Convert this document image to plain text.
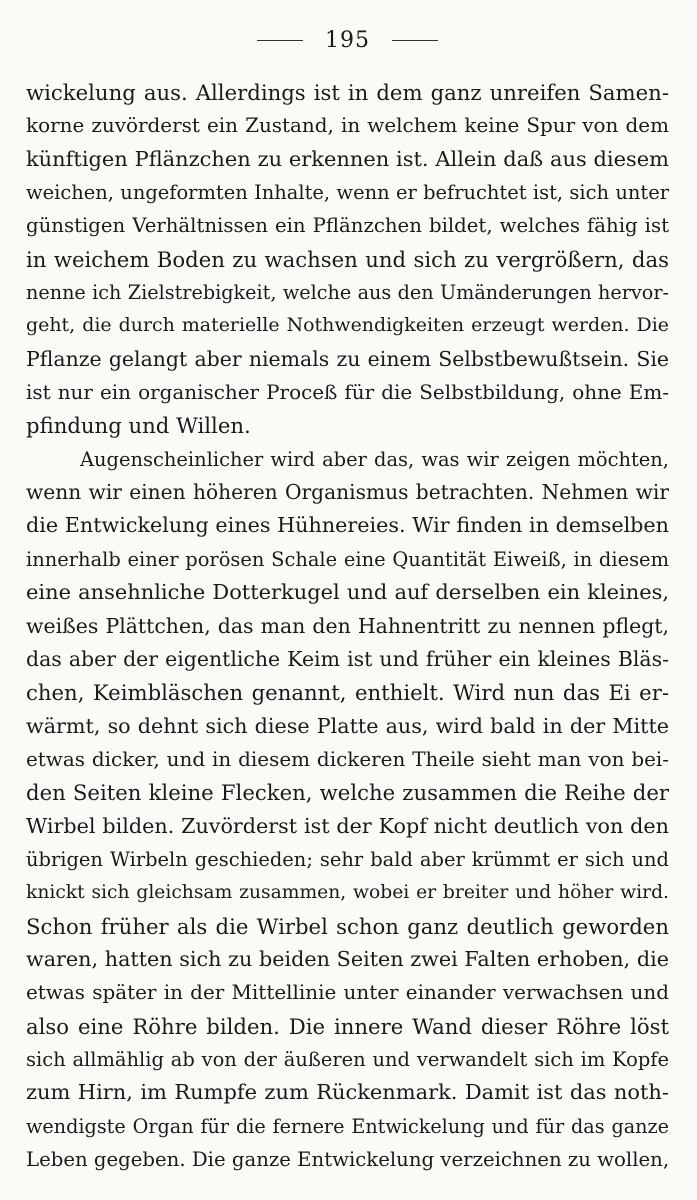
195
wickelung aus. Allerdings ist in dem ganz unreifen Samen-
korne zuvörderst ein Zustand, in welchem keine Spur von dem
künftigen Pflänzchen zu erkennen ist. Allein daß aus diesem
weichen, ungeformten Inhalte, wenn er befruchtet ist, sich unter
günstigen Verhältnissen ein Pflänzchen bildet, welches fähig ist
in weichem Boden zu wachsen und sich zu vergrößern, das
nenne ich Zielstrebigkeit, welche aus den Umänderungen hervor-
geht, die durch materielle Nothwendigkeiten erzeugt werden. Die
Pflanze gelangt aber niemals zu einem Selbstbewußtsein. Sie
ist nur ein organischer Proceß für die Selbstbildung, ohne Em-
pfindung und Willen.
Augenscheinlicher wird aber das, was wir zeigen möchten,
wenn wir einen höheren Organismus betrachten. Nehmen wir
die Entwickelung eines Hühnereies. Wir finden in demselben
innerhalb einer porösen Schale eine Quantität Eiweiß, in diesem
eine ansehnliche Dotterkugel und auf derselben ein kleines,
weißes Plättchen, das man den Hahnentritt zu nennen pflegt,
das aber der eigentliche Keim ist und früher ein kleines Bläs-
chen, Keimbläschen genannt, enthielt. Wird nun das Ei er-
wärmt, so dehnt sich diese Platte aus, wird bald in der Mitte
etwas dicker, und in diesem dickeren Theile sieht man von bei-
den Seiten kleine Flecken, welche zusammen die Reihe der
Wirbel bilden. Zuvörderst ist der Kopf nicht deutlich von den
übrigen Wirbeln geschieden; sehr bald aber krümmt er sich und
knickt sich gleichsam zusammen, wobei er breiter und höher wird.
Schon früher als die Wirbel schon ganz deutlich geworden
waren, hatten sich zu beiden Seiten zwei Falten erhoben, die
etwas später in der Mittellinie unter einander verwachsen und
also eine Röhre bilden. Die innere Wand dieser Röhre löst
sich allmählig ab von der äußeren und verwandelt sich im Kopfe
zum Hirn, im Rumpfe zum Rückenmark. Damit ist das noth-
wendigste Organ für die fernere Entwickelung und für das ganze
Leben gegeben. Die ganze Entwickelung verzeichnen zu wollen,
